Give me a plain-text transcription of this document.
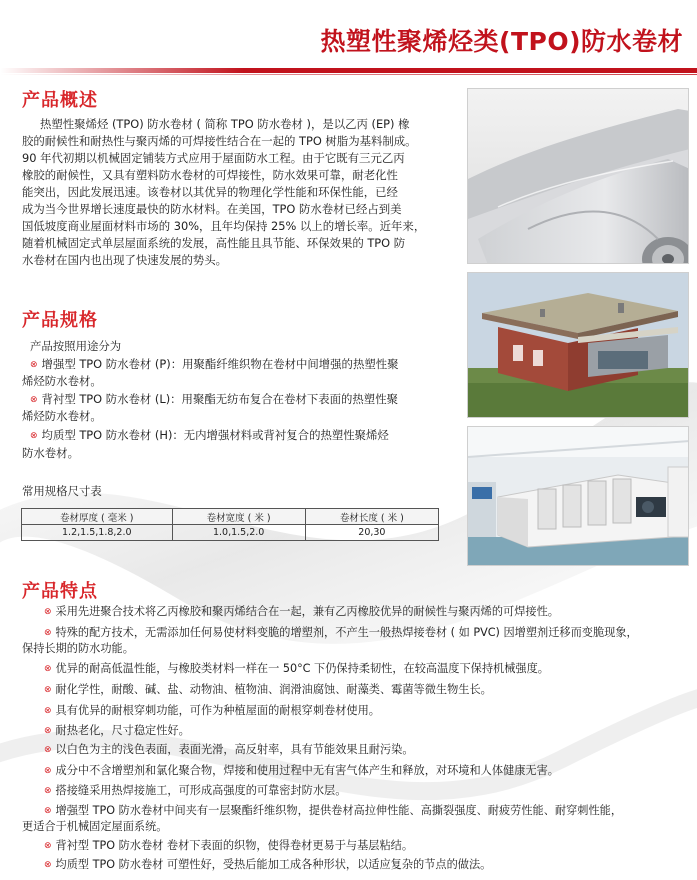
热塑性聚烯烃类(TPO)防水卷材
产品概述
热塑性聚烯烃 (TPO) 防水卷材 ( 简称 TPO 防水卷材 )，是以乙丙 (EP) 橡
胶的耐候性和耐热性与聚丙烯的可焊接性结合在一起的 TPO 树脂为基料制成。
90 年代初期以机械固定铺装方式应用于屋面防水工程。由于它既有三元乙丙
橡胶的耐候性，又具有塑料防水卷材的可焊接性，防水效果可靠，耐老化性
能突出，因此发展迅速。该卷材以其优异的物理化学性能和环保性能，已经
成为当今世界增长速度最快的防水材料。在美国，TPO 防水卷材已经占到美
国低坡度商业屋面材料市场的 30%，且年均保持 25% 以上的增长率。近年来，
随着机械固定式单层屋面系统的发展，高性能且具节能、环保效果的 TPO 防
水卷材在国内也出现了快速发展的势头。
产品规格
产品按照用途分为
⊗ 增强型 TPO 防水卷材 (P)：用聚酯纤维织物在卷材中间增强的热塑性聚
烯烃防水卷材。
⊗ 背衬型 TPO 防水卷材 (L)：用聚酯无纺布复合在卷材下表面的热塑性聚
烯烃防水卷材。
⊗ 均质型 TPO 防水卷材 (H)：无内增强材料或背衬复合的热塑性聚烯烃
防水卷材。
常用规格尺寸表
卷材厚度 ( 毫米 )	卷材宽度 ( 米 )	卷材长度 ( 米 )
1.2,1.5,1.8,2.0	1.0,1.5,2.0	20,30
产品特点
⊗ 采用先进聚合技术将乙丙橡胶和聚丙烯结合在一起，兼有乙丙橡胶优异的耐候性与聚丙烯的可焊接性。
⊗ 特殊的配方技术，无需添加任何易使材料变脆的增塑剂，不产生一般热焊接卷材 ( 如 PVC) 因增塑剂迁移而变脆现象，
保持长期的防水功能。
⊗ 优异的耐高低温性能，与橡胶类材料一样在一 50°C 下仍保持柔韧性，在较高温度下保持机械强度。
⊗ 耐化学性，耐酸、碱、盐、动物油、植物油、润滑油腐蚀、耐藻类、霉菌等微生物生长。
⊗ 具有优异的耐根穿刺功能，可作为种植屋面的耐根穿刺卷材使用。
⊗ 耐热老化，尺寸稳定性好。
⊗ 以白色为主的浅色表面，表面光滑，高反射率，具有节能效果且耐污染。
⊗ 成分中不含增塑剂和氯化聚合物，焊接和使用过程中无有害气体产生和释放，对环境和人体健康无害。
⊗ 搭接缝采用热焊接施工，可形成高强度的可靠密封防水层。
⊗ 增强型 TPO 防水卷材中间夹有一层聚酯纤维织物，提供卷材高拉伸性能、高撕裂强度、耐疲劳性能、耐穿刺性能，
更适合于机械固定屋面系统。
⊗ 背衬型 TPO 防水卷材 卷材下表面的织物，使得卷材更易于与基层粘结。
⊗ 均质型 TPO 防水卷材 可塑性好，受热后能加工成各种形状，以适应复杂的节点的做法。
